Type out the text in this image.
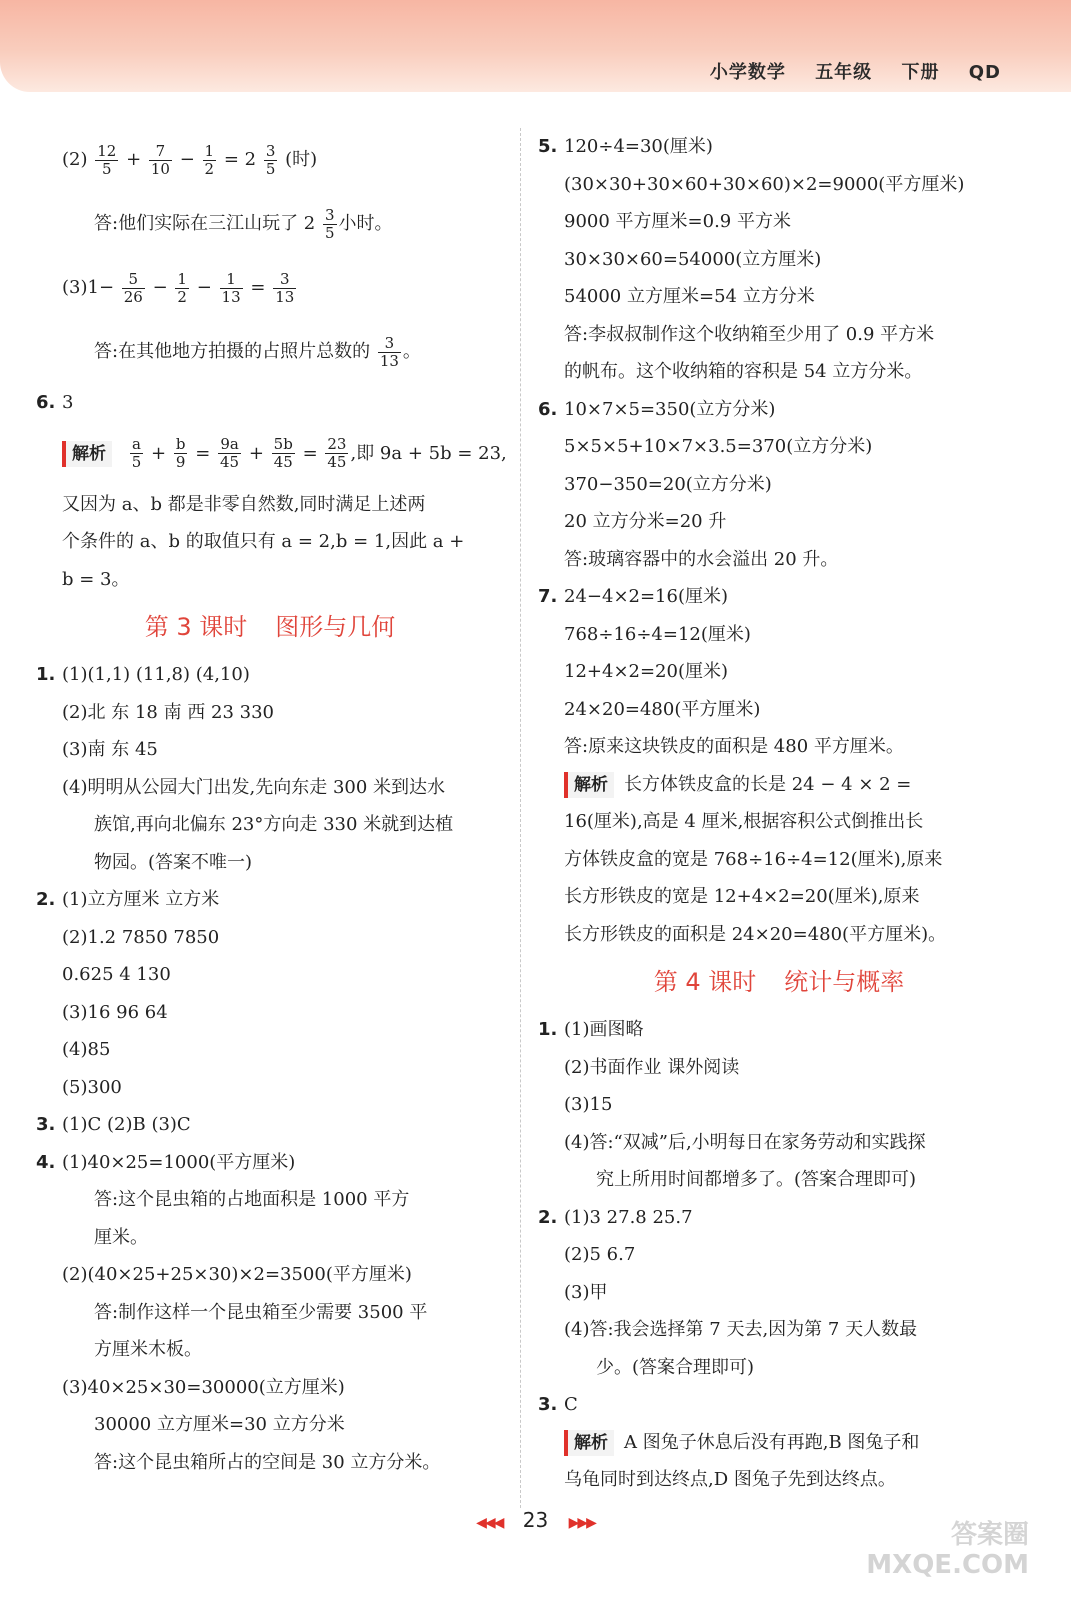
小学数学 五年级 下册 QD
$(2) \frac{12}{5} + \frac{7}{10} - \frac{1}{2} = 2 \frac{3}{5}$ (时)
答:他们实际在三江山玩了 $2 \frac{3}{5}$ 小时。
$(3)1- \frac{5}{26} - \frac{1}{2} - \frac{1}{13} = \frac{3}{13}$
答:在其他地方拍摄的占照片总数的 $\frac{3}{13}$ 。
6. 3
解析 $\frac{a}{5} + \frac{b}{9} = \frac{9a}{45} + \frac{5b}{45} = \frac{23}{45}$ ,即 9a + 5b = 23,
又因为 a、b 都是非零自然数,同时满足上述两
个条件的 a、b 的取值只有 a = 2,b = 1,因此 a +
b = 3。
第 3 课时 图形与几何
1. (1)(1,1) (11,8) (4,10)
(2)北 东 18 南 西 23 330
(3)南 东 45
(4)明明从公园大门出发,先向东走 300 米到达水
族馆,再向北偏东 23°方向走 330 米就到达植
物园。(答案不唯一)
2. (1)立方厘米 立方米
(2)1.2 7850 7850
0.625 4 130
(3)16 96 64
(4)85
(5)300
3. (1)C (2)B (3)C
4. (1)40×25=1000(平方厘米)
答:这个昆虫箱的占地面积是 1000 平方
厘米。
(2)(40×25+25×30)×2=3500(平方厘米)
答:制作这样一个昆虫箱至少需要 3500 平
方厘米木板。
(3)40×25×30=30000(立方厘米)
30000 立方厘米=30 立方分米
答:这个昆虫箱所占的空间是 30 立方分米。
5. 120÷4=30(厘米)
(30×30+30×60+30×60)×2=9000(平方厘米)
9000 平方厘米=0.9 平方米
30×30×60=54000(立方厘米)
54000 立方厘米=54 立方分米
答:李叔叔制作这个收纳箱至少用了 0.9 平方米
的帆布。这个收纳箱的容积是 54 立方分米。
6. 10×7×5=350(立方分米)
5×5×5+10×7×3.5=370(立方分米)
370−350=20(立方分米)
20 立方分米=20 升
答:玻璃容器中的水会溢出 20 升。
7. 24−4×2=16(厘米)
768÷16÷4=12(厘米)
12+4×2=20(厘米)
24×20=480(平方厘米)
答:原来这块铁皮的面积是 480 平方厘米。
解析 长方体铁皮盒的长是 24 − 4 × 2 =
16(厘米),高是 4 厘米,根据容积公式倒推出长
方体铁皮盒的宽是 768÷16÷4=12(厘米),原来
长方形铁皮的宽是 12+4×2=20(厘米),原来
长方形铁皮的面积是 24×20=480(平方厘米)。
第 4 课时 统计与概率
1. (1)画图略
(2)书面作业 课外阅读
(3)15
(4)答:“双减”后,小明每日在家务劳动和实践探
究上所用时间都增多了。(答案合理即可)
2. (1)3 27.8 25.7
(2)5 6.7
(3)甲
(4)答:我会选择第 7 天去,因为第 7 天人数最
少。(答案合理即可)
3. C
解析 A 图兔子休息后没有再跑,B 图兔子和
乌龟同时到达终点,D 图兔子先到达终点。
◀◀◀ 23 ▶▶▶	答案圈
MXQE.COM
